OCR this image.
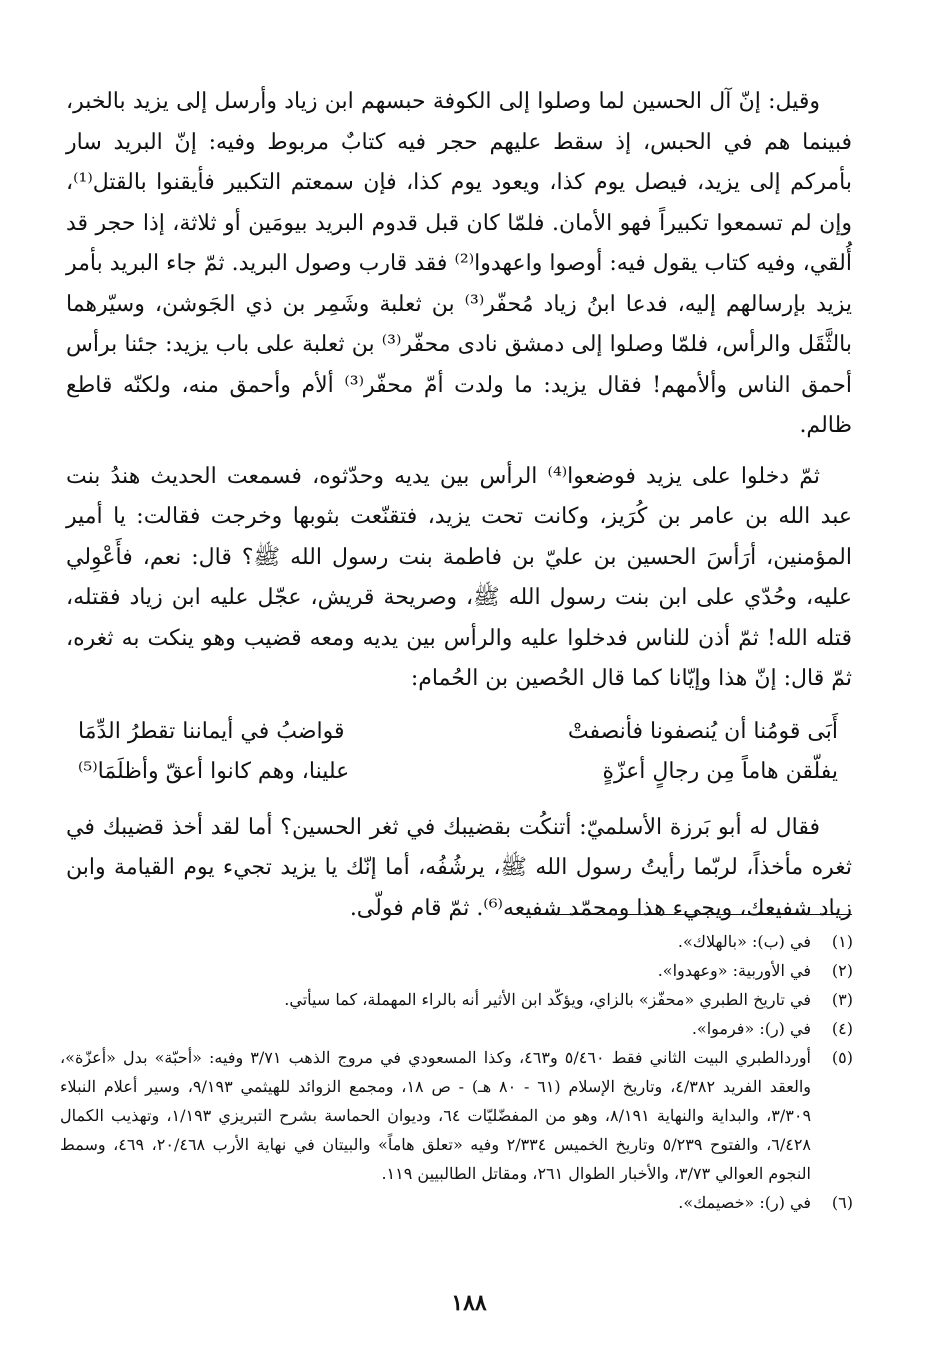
وقيل: إنّ آل الحسين لما وصلوا إلى الكوفة حبسهم ابن زياد وأرسل إلى يزيد بالخبر، فبينما هم في الحبس، إذ سقط عليهم حجر فيه كتابٌ مربوط وفيه: إنّ البريد سار بأمركم إلى يزيد، فيصل يوم كذا، ويعود يوم كذا، فإن سمعتم التكبير فأيقنوا بالقتل⁽¹⁾، وإن لم تسمعوا تكبيراً فهو الأمان. فلمّا كان قبل قدوم البريد بيومَين أو ثلاثة، إذا حجر قد أُلقي، وفيه كتاب يقول فيه: أوصوا واعهدوا⁽²⁾ فقد قارب وصول البريد. ثمّ جاء البريد بأمر يزيد بإرسالهم إليه، فدعا ابنُ زياد مُحفّر⁽³⁾ بن ثعلبة وشَمِر بن ذي الجَوشن، وسيّرهما بالثَّقَل والرأس، فلمّا وصلوا إلى دمشق نادى محفّر⁽³⁾ بن ثعلبة على باب يزيد: جئنا برأس أحمق الناس وألأمهم! فقال يزيد: ما ولدت أمّ محفّر⁽³⁾ ألأم وأحمق منه، ولكنّه قاطع ظالم.

ثمّ دخلوا على يزيد فوضعوا⁽⁴⁾ الرأس بين يديه وحدّثوه، فسمعت الحديث هندُ بنت عبد الله بن عامر بن كُرَيز، وكانت تحت يزيد، فتقنّعت بثوبها وخرجت فقالت: يا أمير المؤمنين، أرَأسَ الحسين بن عليّ بن فاطمة بنت رسول الله ﷺ؟ قال: نعم، فأَعْوِلي عليه، وحُدّي على ابن بنت رسول الله ﷺ، وصريحة قريش، عجّل عليه ابن زياد فقتله، قتله الله! ثمّ أذن للناس فدخلوا عليه والرأس بين يديه ومعه قضيب وهو ينكت به ثغره، ثمّ قال: إنّ هذا وإيّانا كما قال الحُصين بن الحُمام:

أَبَى قومُنا أن يُنصفونا فأنصفتْ
قواضبُ في أيماننا تقطرُ الدِّمَا
يفلّقن هاماً مِن رجالٍ أعزّةٍ
علينا، وهم كانوا أعقّ وأظلَمَا⁽⁵⁾

فقال له أبو بَرزة الأسلميّ: أتنكُت بقضيبك في ثغر الحسين؟ أما لقد أخذ قضيبك في ثغره مأخذاً، لربّما رأيتُ رسول الله ﷺ، يرشُفُه، أما إنّك يا يزيد تجيء يوم القيامة وابن زياد شفيعك، ويجيء هذا ومحمّد شفيعه⁽⁶⁾. ثمّ قام فولّى.

(١)
في (ب): «بالهلاك».
(٢)
في الأوربية: «وعهدوا».
(٣)
في تاريخ الطبري «محفّز» بالزاي، ويؤكّد ابن الأثير أنه بالراء المهملة، كما سيأتي.
(٤)
في (ر): «فرموا».
(٥)
أوردالطبري البيت الثاني فقط ٥/٤٦٠ و٤٦٣، وكذا المسعودي في مروج الذهب ٣/٧١ وفيه: «أحبّة» بدل «أعزّة»، والعقد الفريد ٤/٣٨٢، وتاريخ الإسلام (٦١ - ٨٠ هـ) - ص ١٨، ومجمع الزوائد للهيثمي ٩/١٩٣، وسير أعلام النبلاء ٣/٣٠٩، والبداية والنهاية ٨/١٩١، وهو من المفضّليّات ٦٤، وديوان الحماسة بشرح التبريزي ١/١٩٣، وتهذيب الكمال ٦/٤٢٨، والفتوح ٥/٢٣٩ وتاريخ الخميس ٢/٣٣٤ وفيه «تعلق هاماً» والبيتان في نهاية الأرب ٢٠/٤٦٨، ٤٦٩، وسمط النجوم العوالي ٣/٧٣، والأخبار الطوال ٢٦١، ومقاتل الطالبيين ١١٩.
(٦)
في (ر): «خصيمك».
١٨٨
